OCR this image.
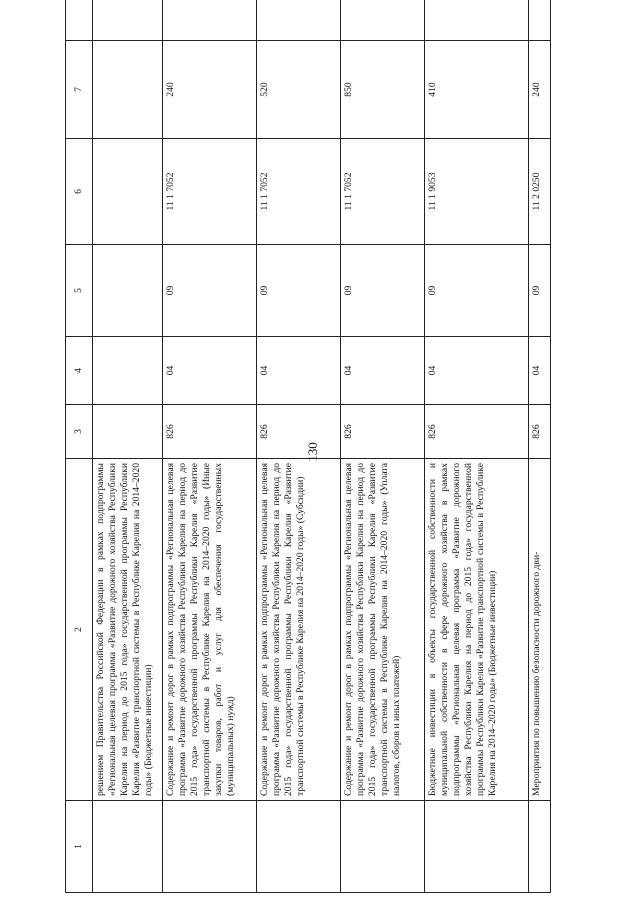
130
1	2	3	4	5	6	7	
	решением Правительства Российской Федерации в рамках подпрограммы «Региональная целевая программа «Развитие дорожного хозяйства Республики Карелия на период до 2015 года» государственной программы Республики Карелия «Развитие транспортной системы в Республике Карелия на 2014–2020 годы» (Бюджетные инвестиции)						
	Содержание и ремонт дорог в рамках подпрограммы «Региональная целевая программа «Развитие дорожного хозяйства Республики Карелия на период до 2015 года» государственной программы Республики Карелия «Развитие транспортной системы в Республике Карелия на 2014–2020 годы» (Иные закупки товаров, работ и услуг для обеспечения государственных (муниципальных) нужд)	826	04	09	11 1 7052	240	
	Содержание и ремонт дорог в рамках подпрограммы «Региональная целевая программа «Развитие дорожного хозяйства Республики Карелия на период до 2015 года» государственной программы Республики Карелия «Развитие транспортной системы в Республике Карелия на 2014–2020 годы» (Субсидии)	826	04	09	11 1 7052	520	
	Содержание и ремонт дорог в рамках подпрограммы «Региональная целевая программа «Развитие дорожного хозяйства Республики Карелия на период до 2015 года» государственной программы Республики Карелия «Развитие транспортной системы в Республике Карелия на 2014–2020 годы» (Уплата налогов, сборов и иных платежей)	826	04	09	11 1 7052	850	
	Бюджетные инвестиции в объекты государственной собственности и муниципальной собственности в сфере дорожного хозяйства в рамках подпрограммы «Региональная целевая программа «Развитие дорожного хозяйства Республики Карелия на период до 2015 года» государственной программы Республики Карелия «Развитие транспортной системы в Республике Карелия на 2014–2020 годы» (Бюджетные инвестиции)	826	04	09	11 1 9053	410	
	Мероприятия по повышению безопасности дорожного дви-	826	04	09	11 2 0250	240	
